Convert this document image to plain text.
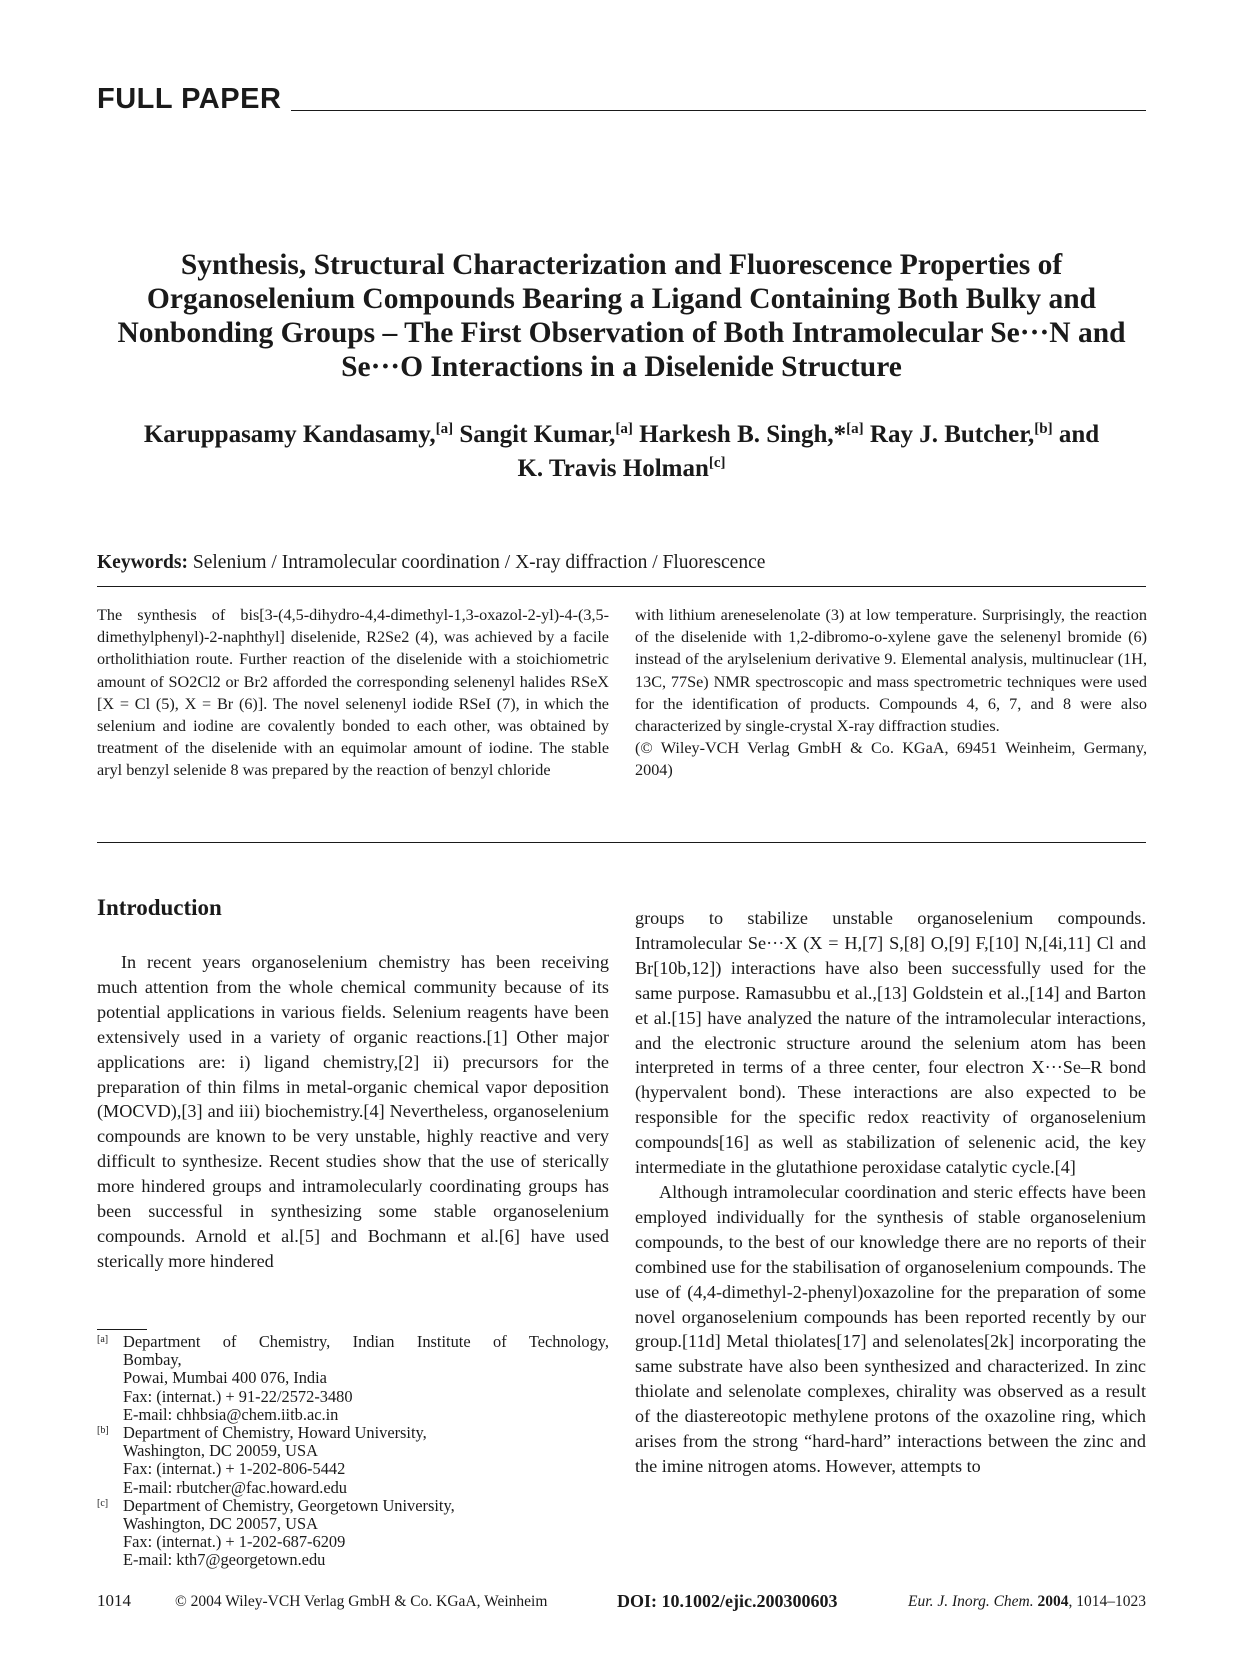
FULL PAPER
Synthesis, Structural Characterization and Fluorescence Properties of Organoselenium Compounds Bearing a Ligand Containing Both Bulky and Nonbonding Groups – The First Observation of Both Intramolecular Se···N and Se···O Interactions in a Diselenide Structure
Karuppasamy Kandasamy,[a] Sangit Kumar,[a] Harkesh B. Singh,*[a] Ray J. Butcher,[b] and
K. Travis Holman[c]
Keywords: Selenium / Intramolecular coordination / X-ray diffraction / Fluorescence

The synthesis of bis[3-(4,5-dihydro-4,4-dimethyl-1,3-oxazol-2-yl)-4-(3,5-dimethylphenyl)-2-naphthyl] diselenide, R2Se2 (4), was achieved by a facile ortholithiation route. Further reaction of the diselenide with a stoichiometric amount of SO2Cl2 or Br2 afforded the corresponding selenenyl halides RSeX [X = Cl (5), X = Br (6)]. The novel selenenyl iodide RSeI (7), in which the selenium and iodine are covalently bonded to each other, was obtained by treatment of the diselenide with an equimolar amount of iodine. The stable aryl benzyl selenide 8 was prepared by the reaction of benzyl chloride

with lithium areneselenolate (3) at low temperature. Surprisingly, the reaction of the diselenide with 1,2-dibromo-o-xylene gave the selenenyl bromide (6) instead of the arylselenium derivative 9. Elemental analysis, multinuclear (1H, 13C, 77Se) NMR spectroscopic and mass spectrometric techniques were used for the identification of products. Compounds 4, 6, 7, and 8 were also characterized by single-crystal X-ray diffraction studies.

(© Wiley-VCH Verlag GmbH & Co. KGaA, 69451 Weinheim, Germany, 2004)

Introduction

In recent years organoselenium chemistry has been receiving much attention from the whole chemical community because of its potential applications in various fields. Selenium reagents have been extensively used in a variety of organic reactions.[1] Other major applications are: i) ligand chemistry,[2] ii) precursors for the preparation of thin films in metal-organic chemical vapor deposition (MOCVD),[3] and iii) biochemistry.[4] Nevertheless, organoselenium compounds are known to be very unstable, highly reactive and very difficult to synthesize. Recent studies show that the use of sterically more hindered groups and intramolecularly coordinating groups has been successful in synthesizing some stable organoselenium compounds. Arnold et al.[5] and Bochmann et al.[6] have used sterically more hindered

groups to stabilize unstable organoselenium compounds. Intramolecular Se···X (X = H,[7] S,[8] O,[9] F,[10] N,[4i,11] Cl and Br[10b,12]) interactions have also been successfully used for the same purpose. Ramasubbu et al.,[13] Goldstein et al.,[14] and Barton et al.[15] have analyzed the nature of the intramolecular interactions, and the electronic structure around the selenium atom has been interpreted in terms of a three center, four electron X···Se–R bond (hypervalent bond). These interactions are also expected to be responsible for the specific redox reactivity of organoselenium compounds[16] as well as stabilization of selenenic acid, the key intermediate in the glutathione peroxidase catalytic cycle.[4]

Although intramolecular coordination and steric effects have been employed individually for the synthesis of stable organoselenium compounds, to the best of our knowledge there are no reports of their combined use for the stabilisation of organoselenium compounds. The use of (4,4-dimethyl-2-phenyl)oxazoline for the preparation of some novel organoselenium compounds has been reported recently by our group.[11d] Metal thiolates[17] and selenolates[2k] incorporating the same substrate have also been synthesized and characterized. In zinc thiolate and selenolate complexes, chirality was observed as a result of the diastereotopic methylene protons of the oxazoline ring, which arises from the strong “hard-hard” interactions between the zinc and the imine nitrogen atoms. However, attempts to

[a] Department of Chemistry, Indian Institute of Technology,
Bombay,
Powai, Mumbai 400 076, India
Fax: (internat.) + 91-22/2572-3480
E-mail: chhbsia@chem.iitb.ac.in
[b] Department of Chemistry, Howard University,
Washington, DC 20059, USA
Fax: (internat.) + 1-202-806-5442
E-mail: rbutcher@fac.howard.edu
[c] Department of Chemistry, Georgetown University,
Washington, DC 20057, USA
Fax: (internat.) + 1-202-687-6209
E-mail: kth7@georgetown.edu
1014	© 2004 Wiley-VCH Verlag GmbH & Co. KGaA, Weinheim	DOI: 10.1002/ejic.200300603	Eur. J. Inorg. Chem. 2004, 1014–1023
